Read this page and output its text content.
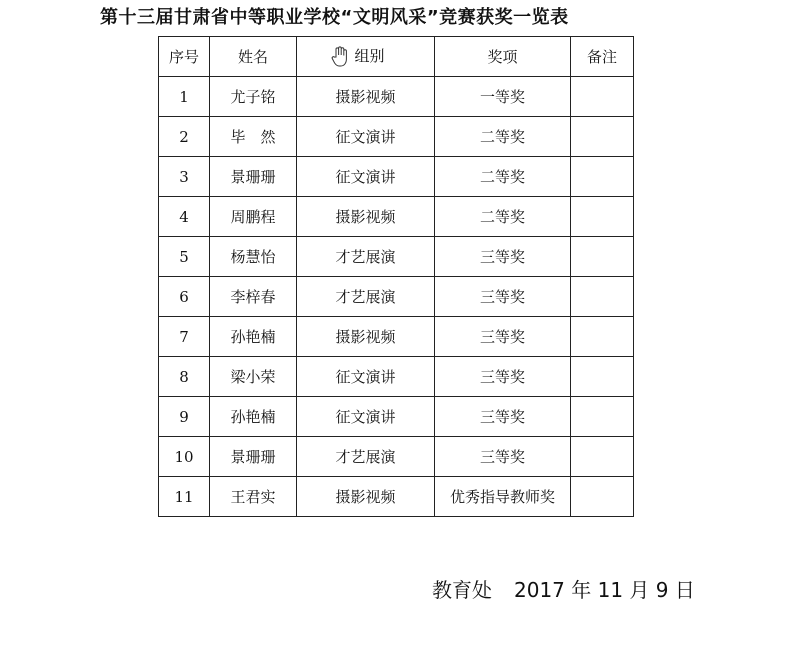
第十三届甘肃省中等职业学校“文明风采”竞赛获奖一览表
序号	姓名	组别	奖项	备注
1	尤子铭	摄影视频	一等奖	
2	毕　然	征文演讲	二等奖	
3	景珊珊	征文演讲	二等奖	
4	周鹏程	摄影视频	二等奖	
5	杨慧怡	才艺展演	三等奖	
6	李梓春	才艺展演	三等奖	
7	孙艳楠	摄影视频	三等奖	
8	梁小荣	征文演讲	三等奖	
9	孙艳楠	征文演讲	三等奖	
10	景珊珊	才艺展演	三等奖	
11	王君实	摄影视频	优秀指导教师奖	
教育处 2017 年 11 月 9 日
